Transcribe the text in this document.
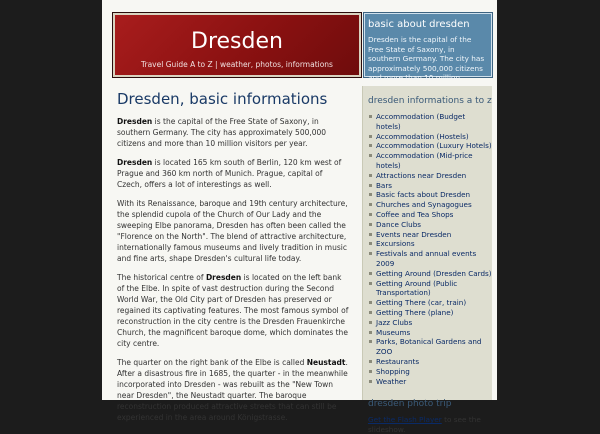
Dresden
Travel Guide A to Z | weather, photos, informations
basic about dresden
Dresden is the capital of the Free State of Saxony, in southern Germany. The city has approximately 500,000 citizens and more than 10 million
Dresden, basic informations

Dresden is the capital of the Free State of Saxony, in southern Germany. The city has approximately 500,000 citizens and more than 10 million visitors per year.

Dresden is located 165 km south of Berlin, 120 km west of Prague and 360 km north of Munich. Prague, capital of Czech, offers a lot of interestings as well.

With its Renaissance, baroque and 19th century architecture, the splendid cupola of the Church of Our Lady and the sweeping Elbe panorama, Dresden has often been called the "Florence on the North". The blend of attractive architecture, internationally famous museums and lively tradition in music and fine arts, shape Dresden's cultural life today.

The historical centre of Dresden is located on the left bank of the Elbe. In spite of vast destruction during the Second World War, the Old City part of Dresden has preserved or regained its captivating features. The most famous symbol of reconstruction in the city centre is the Dresden Frauenkirche Church, the magnificent baroque dome, which dominates the city centre.

The quarter on the right bank of the Elbe is called Neustadt. After a disastrous fire in 1685, the quarter - in the meanwhile incorporated into Dresden - was rebuilt as the "New Town near Dresden", the Neustadt quarter. The baroque reconstruction produced attractive streets that can still be experienced in the area around Königstrasse.

dresden informations a to z
Accommodation (Budget hotels)
Accommodation (Hostels)
Accommodation (Luxury Hotels)
Accommodation (Mid-price hotels)
Attractions near Dresden
Bars
Basic facts about Dresden
Churches and Synagogues
Coffee and Tea Shops
Dance Clubs
Events near Dresden
Excursions
Festivals and annual events 2009
Getting Around (Dresden Cards)
Getting Around (Public Transportation)
Getting There (car, train)
Getting There (plane)
Jazz Clubs
Museums
Parks, Botanical Gardens and ZOO
Restaurants
Shopping
Weather
dresden photo trip
Get the Flash Player to see the slideshow.
